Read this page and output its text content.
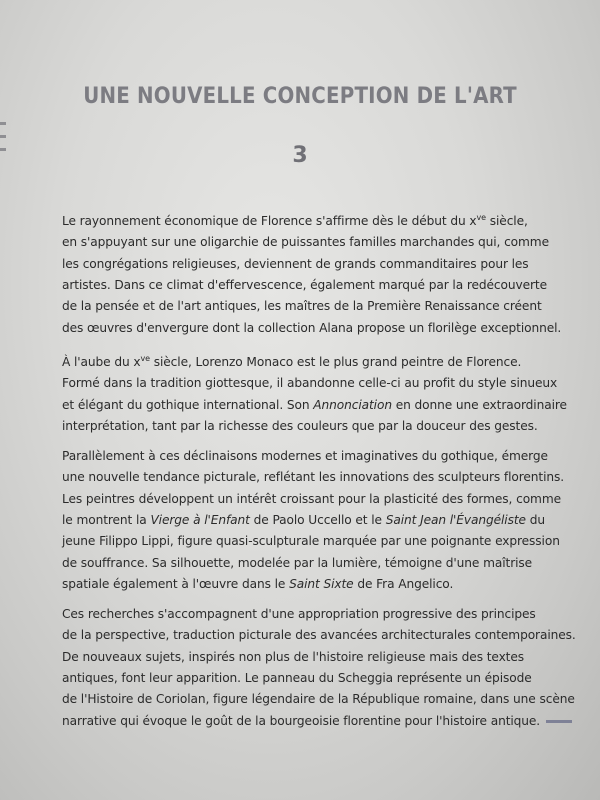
UNE NOUVELLE CONCEPTION DE L'ART
3
Le rayonnement économique de Florence s'affirme dès le début du $x^{ve}$ siècle,
en s'appuyant sur une oligarchie de puissantes familles marchandes qui, comme
les congrégations religieuses, deviennent de grands commanditaires pour les
artistes. Dans ce climat d'effervescence, également marqué par la redécouverte
de la pensée et de l'art antiques, les maîtres de la Première Renaissance créent
des œuvres d'envergure dont la collection Alana propose un florilège exceptionnel.
À l'aube du $x^{ve}$ siècle, Lorenzo Monaco est le plus grand peintre de Florence.
Formé dans la tradition giottesque, il abandonne celle-ci au profit du style sinueux
et élégant du gothique international. Son Annonciation en donne une extraordinaire
interprétation, tant par la richesse des couleurs que par la douceur des gestes.
Parallèlement à ces déclinaisons modernes et imaginatives du gothique, émerge
une nouvelle tendance picturale, reflétant les innovations des sculpteurs florentins.
Les peintres développent un intérêt croissant pour la plasticité des formes, comme
le montrent la Vierge à l'Enfant de Paolo Uccello et le Saint Jean l'Évangéliste du
jeune Filippo Lippi, figure quasi-sculpturale marquée par une poignante expression
de souffrance. Sa silhouette, modelée par la lumière, témoigne d'une maîtrise
spatiale également à l'œuvre dans le Saint Sixte de Fra Angelico.
Ces recherches s'accompagnent d'une appropriation progressive des principes
de la perspective, traduction picturale des avancées architecturales contemporaines.
De nouveaux sujets, inspirés non plus de l'histoire religieuse mais des textes
antiques, font leur apparition. Le panneau du Scheggia représente un épisode
de l'Histoire de Coriolan, figure légendaire de la République romaine, dans une scène
narrative qui évoque le goût de la bourgeoisie florentine pour l'histoire antique.
